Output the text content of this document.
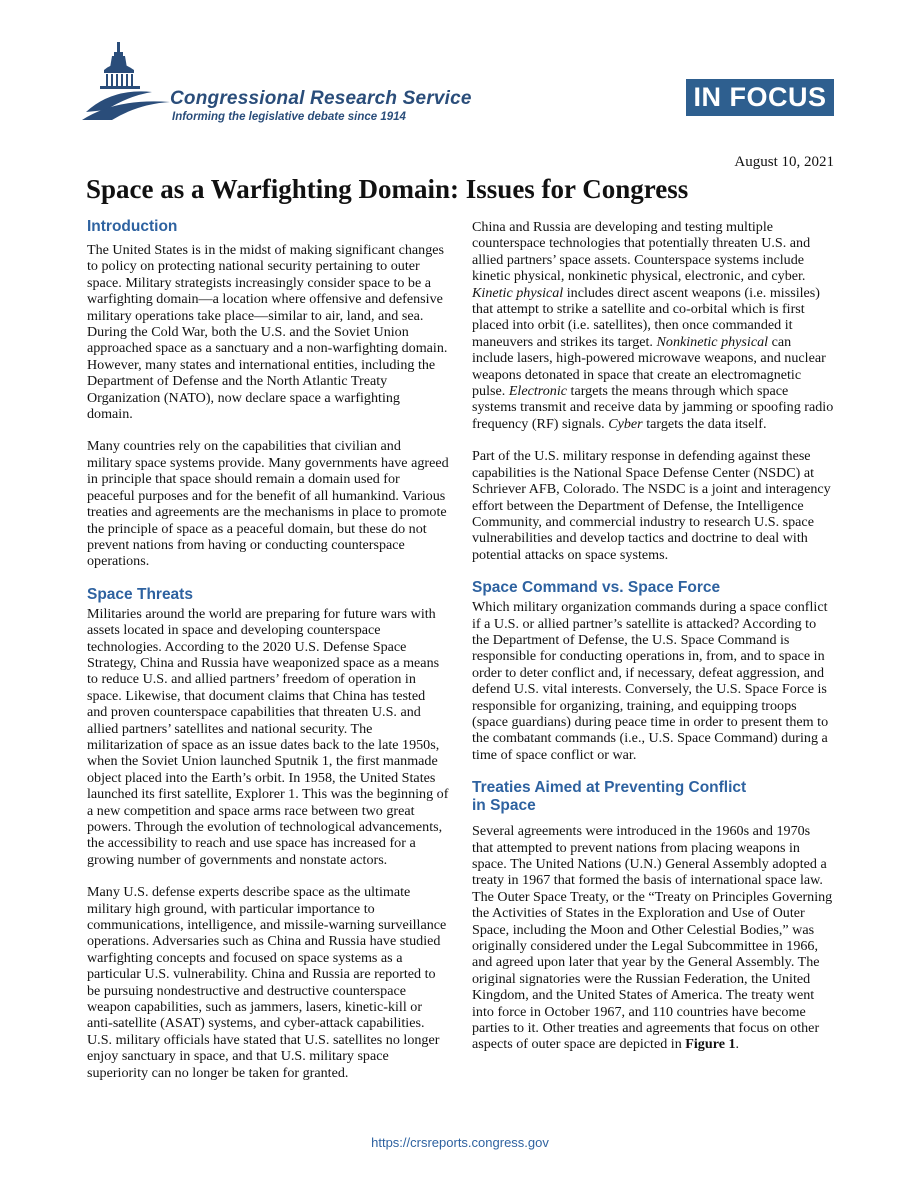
Congressional Research Service
Informing the legislative debate since 1914
IN FOCUS
August 10, 2021
Space as a Warfighting Domain: Issues for Congress
Introduction

The United States is in the midst of making significant changes to policy on protecting national security pertaining to outer space. Military strategists increasingly consider space to be a warfighting domain—a location where offensive and defensive military operations take place—similar to air, land, and sea. During the Cold War, both the U.S. and the Soviet Union approached space as a sanctuary and a non-warfighting domain. However, many states and international entities, including the Department of Defense and the North Atlantic Treaty Organization (NATO), now declare space a warfighting domain.

Many countries rely on the capabilities that civilian and military space systems provide. Many governments have agreed in principle that space should remain a domain used for peaceful purposes and for the benefit of all humankind. Various treaties and agreements are the mechanisms in place to promote the principle of space as a peaceful domain, but these do not prevent nations from having or conducting counterspace operations.

Space Threats

Militaries around the world are preparing for future wars with assets located in space and developing counterspace technologies. According to the 2020 U.S. Defense Space Strategy, China and Russia have weaponized space as a means to reduce U.S. and allied partners’ freedom of operation in space. Likewise, that document claims that China has tested and proven counterspace capabilities that threaten U.S. and allied partners’ satellites and national security. The militarization of space as an issue dates back to the late 1950s, when the Soviet Union launched Sputnik 1, the first manmade object placed into the Earth’s orbit. In 1958, the United States launched its first satellite, Explorer 1. This was the beginning of a new competition and space arms race between two great powers. Through the evolution of technological advancements, the accessibility to reach and use space has increased for a growing number of governments and nonstate actors.

Many U.S. defense experts describe space as the ultimate military high ground, with particular importance to communications, intelligence, and missile-warning surveillance operations. Adversaries such as China and Russia have studied warfighting concepts and focused on space systems as a particular U.S. vulnerability. China and Russia are reported to be pursuing nondestructive and destructive counterspace weapon capabilities, such as jammers, lasers, kinetic-kill or anti-satellite (ASAT) systems, and cyber-attack capabilities. U.S. military officials have stated that U.S. satellites no longer enjoy sanctuary in space, and that U.S. military space superiority can no longer be taken for granted.

China and Russia are developing and testing multiple counterspace technologies that potentially threaten U.S. and allied partners’ space assets. Counterspace systems include kinetic physical, nonkinetic physical, electronic, and cyber. Kinetic physical includes direct ascent weapons (i.e. missiles) that attempt to strike a satellite and co-orbital which is first placed into orbit (i.e. satellites), then once commanded it maneuvers and strikes its target. Nonkinetic physical can include lasers, high-powered microwave weapons, and nuclear weapons detonated in space that create an electromagnetic pulse. Electronic targets the means through which space systems transmit and receive data by jamming or spoofing radio frequency (RF) signals. Cyber targets the data itself.

Part of the U.S. military response in defending against these capabilities is the National Space Defense Center (NSDC) at Schriever AFB, Colorado. The NSDC is a joint and interagency effort between the Department of Defense, the Intelligence Community, and commercial industry to research U.S. space vulnerabilities and develop tactics and doctrine to deal with potential attacks on space systems.

Space Command vs. Space Force

Which military organization commands during a space conflict if a U.S. or allied partner’s satellite is attacked? According to the Department of Defense, the U.S. Space Command is responsible for conducting operations in, from, and to space in order to deter conflict and, if necessary, defeat aggression, and defend U.S. vital interests. Conversely, the U.S. Space Force is responsible for organizing, training, and equipping troops (space guardians) during peace time in order to present them to the combatant commands (i.e., U.S. Space Command) during a time of space conflict or war.

Treaties Aimed at Preventing Conflict
in Space

Several agreements were introduced in the 1960s and 1970s that attempted to prevent nations from placing weapons in space. The United Nations (U.N.) General Assembly adopted a treaty in 1967 that formed the basis of international space law. The Outer Space Treaty, or the “Treaty on Principles Governing the Activities of States in the Exploration and Use of Outer Space, including the Moon and Other Celestial Bodies,” was originally considered under the Legal Subcommittee in 1966, and agreed upon later that year by the General Assembly. The original signatories were the Russian Federation, the United Kingdom, and the United States of America. The treaty went into force in October 1967, and 110 countries have become parties to it. Other treaties and agreements that focus on other aspects of outer space are depicted in Figure 1.

https://crsreports.congress.gov
